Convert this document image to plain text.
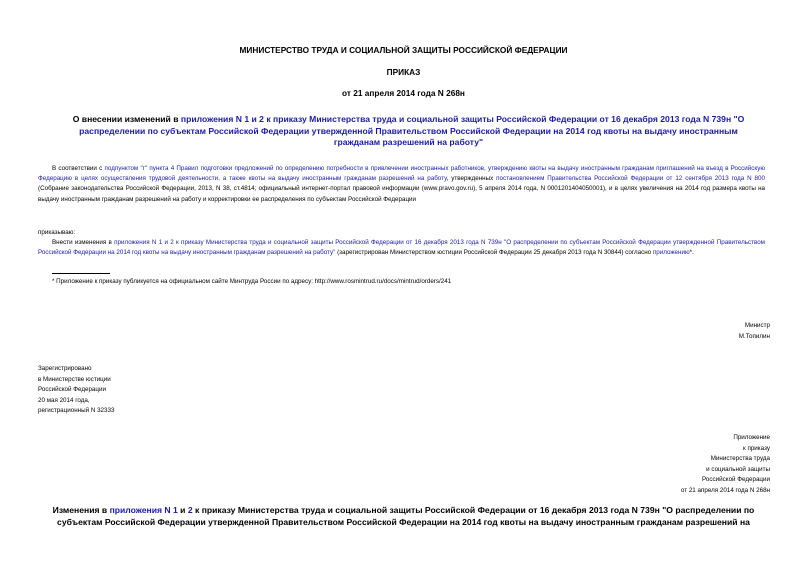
МИНИСТЕРСТВО ТРУДА И СОЦИАЛЬНОЙ ЗАЩИТЫ РОССИЙСКОЙ ФЕДЕРАЦИИ
ПРИКАЗ
от 21 апреля 2014 года N 268н
О внесении изменений в приложения N 1 и 2 к приказу Министерства труда и социальной защиты Российской Федерации от 16 декабря 2013 года N 739н "О распределении по субъектам Российской Федерации утвержденной Правительством Российской Федерации на 2014 год квоты на выдачу иностранным гражданам разрешений на работу"
В соответствии с подпунктом "г" пункта 4 Правил подготовки предложений по определению потребности в привлечении иностранных работников, утверждению квоты на выдачу иностранным гражданам приглашений на въезд в Российскую Федерацию в целях осуществления трудовой деятельности, а также квоты на выдачу иностранным гражданам разрешений на работу, утвержденных постановлением Правительства Российской Федерации от 12 сентября 2013 года N 800 (Собрание законодательства Российской Федерации, 2013, N 38, ст.4814; официальный интернет-портал правовой информации (www.pravo.gov.ru), 5 апреля 2014 года, N 0001201404050001), и в целях увеличения на 2014 год размера квоты на выдачу иностранным гражданам разрешений на работу и корректировки ее распределения по субъектам Российской Федерации
приказываю:
Внести изменения в приложения N 1 и 2 к приказу Министерства труда и социальной защиты Российской Федерации от 16 декабря 2013 года N 739н "О распределении по субъектам Российской Федерации утвержденной Правительством Российской Федерации на 2014 год квоты на выдачу иностранным гражданам разрешений на работу" (зарегистрирован Министерством юстиции Российской Федерации 25 декабря 2013 года N 30844) согласно приложению*.
* Приложение к приказу публикуется на официальном сайте Минтруда России по адресу: http://www.rosmintrud.ru/docs/mintrud/orders/241
Министр
М.Топилин
Зарегистрировано
в Министерстве юстиции
Российской Федерации
20 мая 2014 года,
регистрационный N 32333
Приложение
к приказу
Министерства труда
и социальной защиты
Российской Федерации
от 21 апреля 2014 года N 268н
Изменения в приложения N 1 и 2 к приказу Министерства труда и социальной защиты Российской Федерации от 16 декабря 2013 года N 739н "О распределении по субъектам Российской Федерации утвержденной Правительством Российской Федерации на 2014 год квоты на выдачу иностранным гражданам разрешений на
